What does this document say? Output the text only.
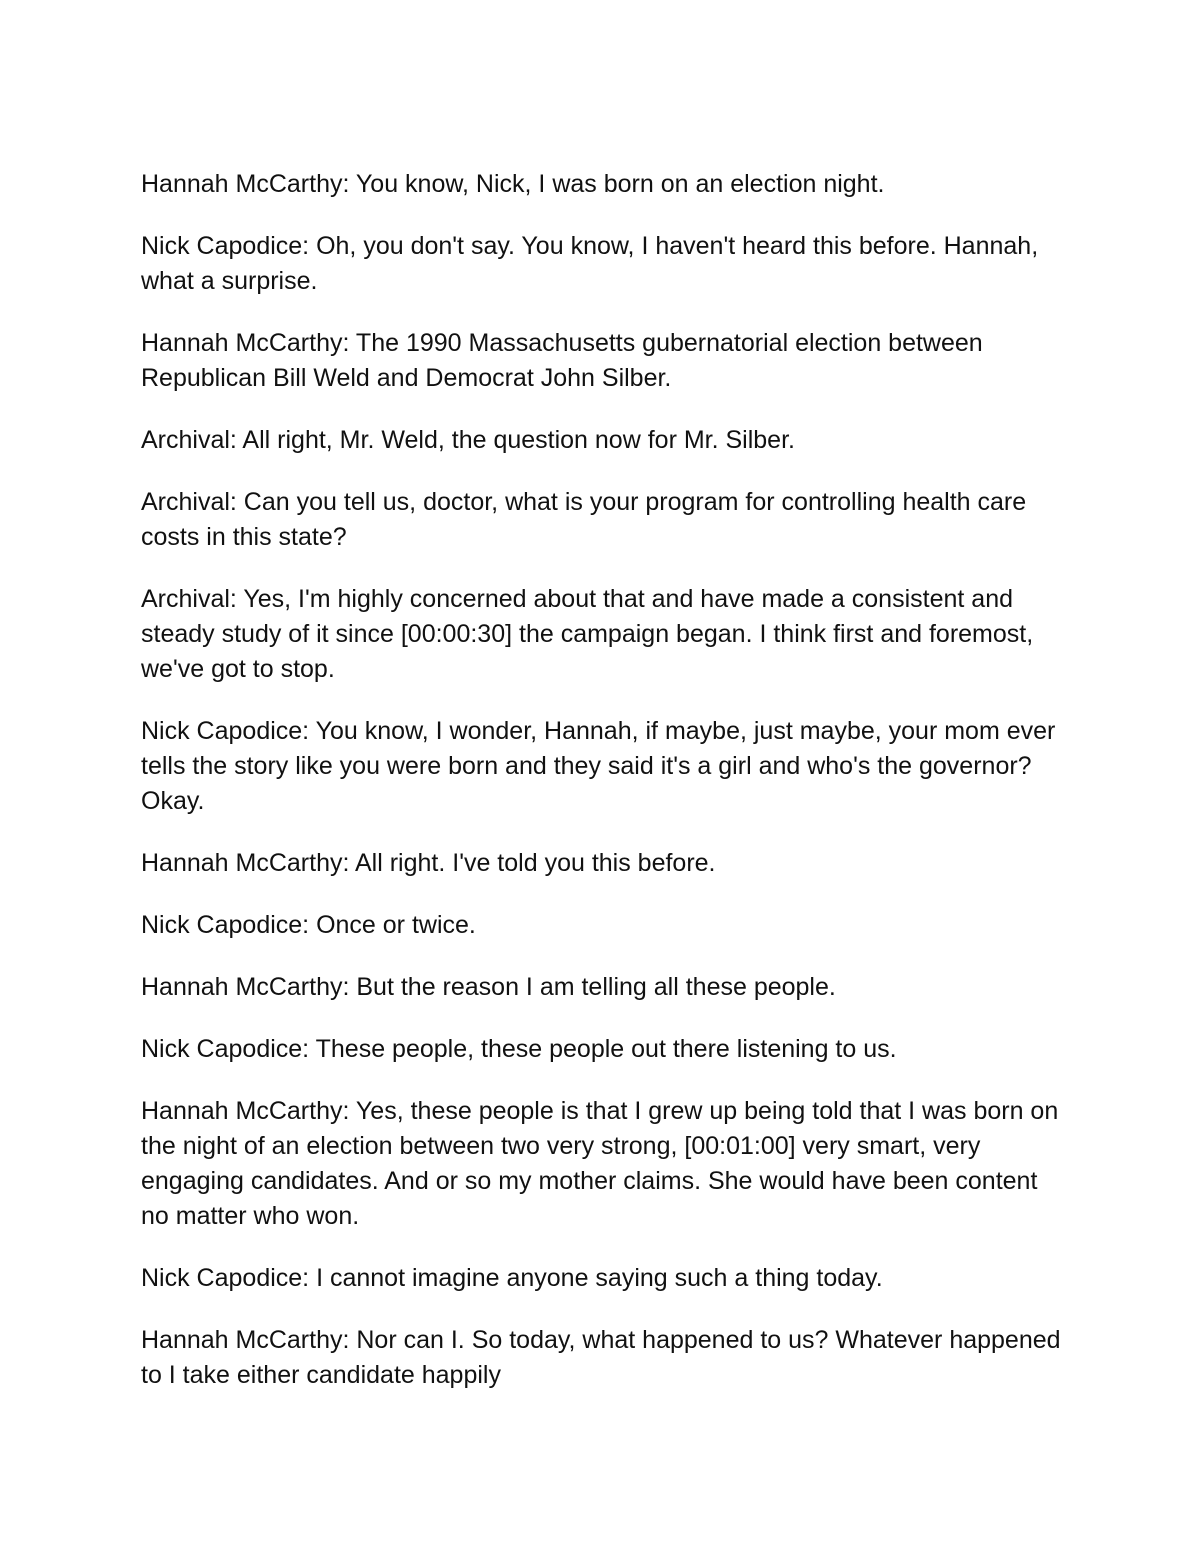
Hannah McCarthy: You know, Nick, I was born on an election night.

Nick Capodice: Oh, you don't say. You know, I haven't heard this before. Hannah, what a surprise.

Hannah McCarthy: The 1990 Massachusetts gubernatorial election between Republican Bill Weld and Democrat John Silber.

Archival: All right, Mr. Weld, the question now for Mr. Silber.

Archival: Can you tell us, doctor, what is your program for controlling health care costs in this state?

Archival: Yes, I'm highly concerned about that and have made a consistent and steady study of it since [00:00:30] the campaign began. I think first and foremost, we've got to stop.

Nick Capodice: You know, I wonder, Hannah, if maybe, just maybe, your mom ever tells the story like you were born and they said it's a girl and who's the governor? Okay.

Hannah McCarthy: All right. I've told you this before.

Nick Capodice: Once or twice.

Hannah McCarthy: But the reason I am telling all these people.

Nick Capodice: These people, these people out there listening to us.

Hannah McCarthy: Yes, these people is that I grew up being told that I was born on the night of an election between two very strong, [00:01:00] very smart, very engaging candidates. And or so my mother claims. She would have been content no matter who won.

Nick Capodice: I cannot imagine anyone saying such a thing today.

Hannah McCarthy: Nor can I. So today, what happened to us? Whatever happened to I take either candidate happily
